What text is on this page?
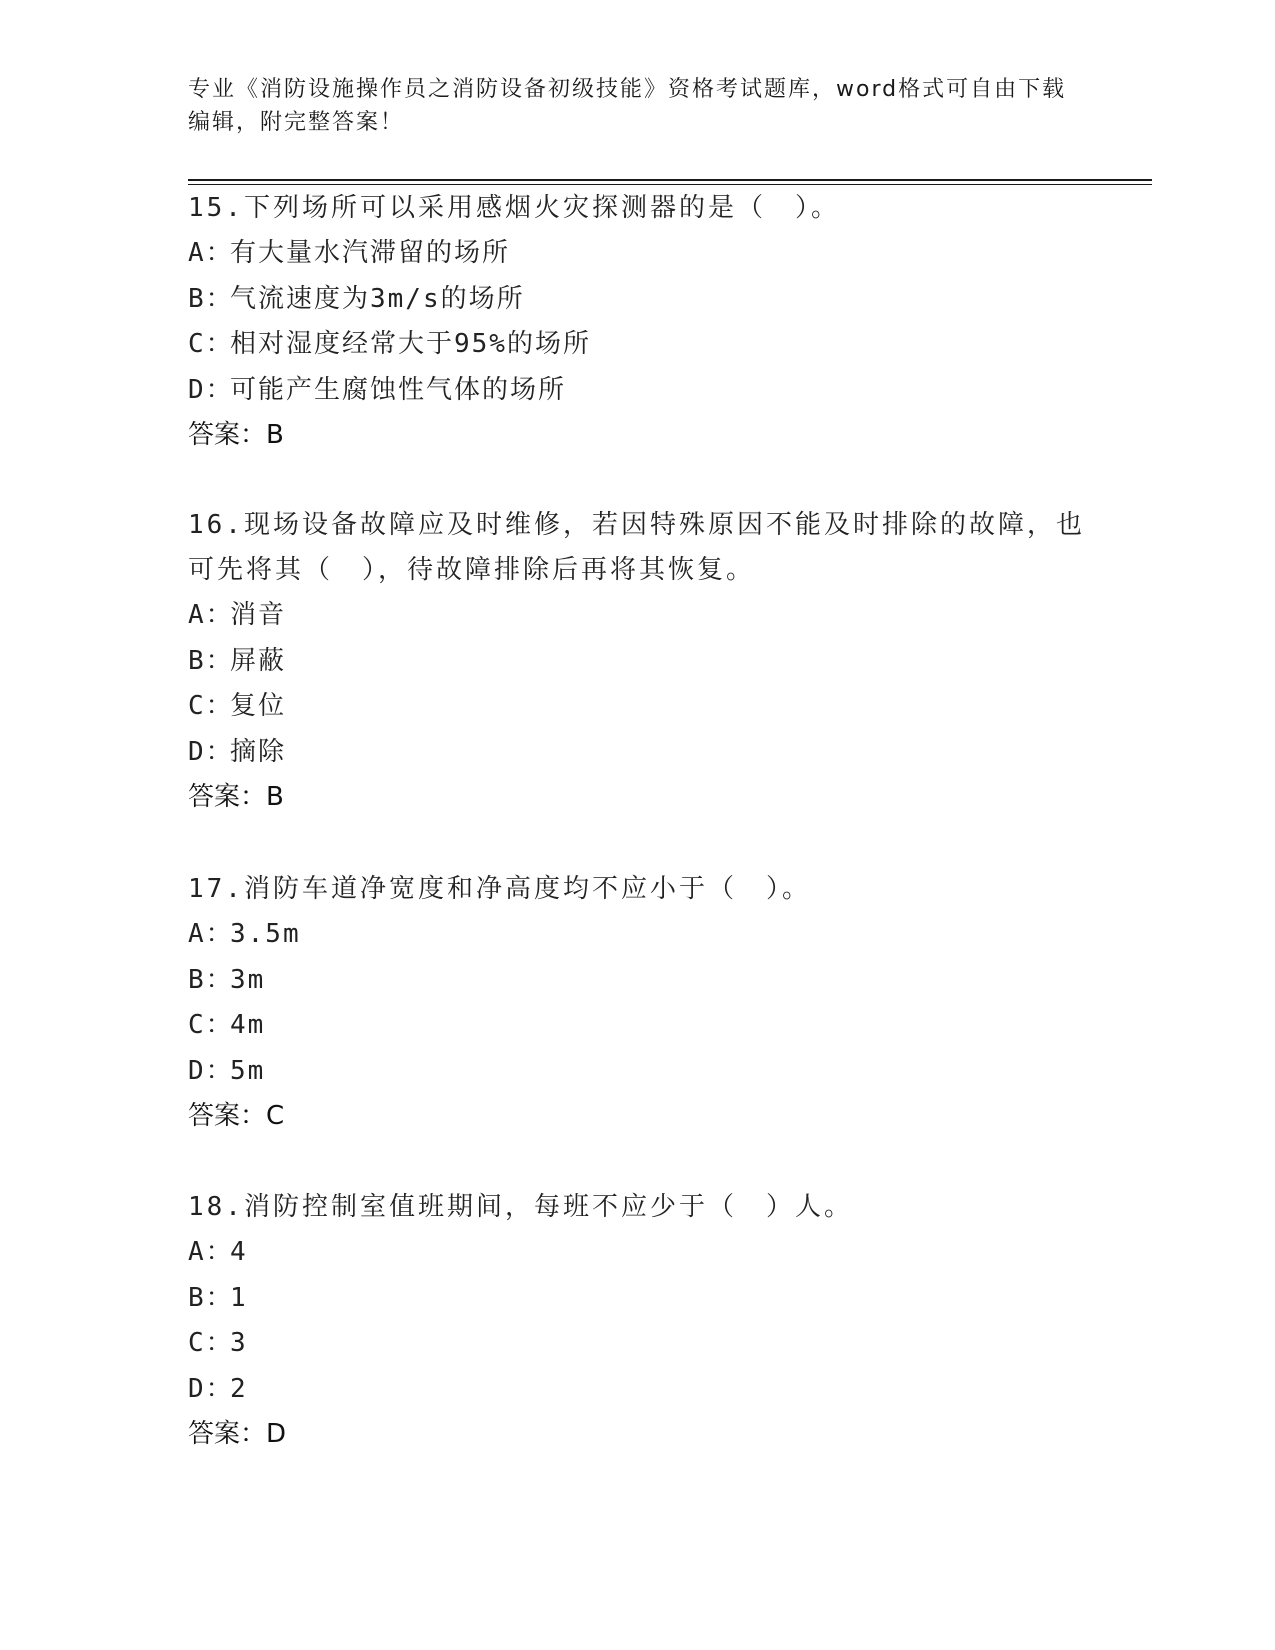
专业《消防设施操作员之消防设备初级技能》资格考试题库，word格式可自由下载编辑，附完整答案！
15.下列场所可以采用感烟火灾探测器的是（　）。
A：有大量水汽滞留的场所
B：气流速度为3m/s的场所
C：相对湿度经常大于95%的场所
D：可能产生腐蚀性气体的场所
答案：B
16.现场设备故障应及时维修，若因特殊原因不能及时排除的故障，也可先将其（　），待故障排除后再将其恢复。
A：消音
B：屏蔽
C：复位
D：摘除
答案：B
17.消防车道净宽度和净高度均不应小于（　）。
A：3.5m
B：3m
C：4m
D：5m
答案：C
18.消防控制室值班期间，每班不应少于（　）人。
A：4
B：1
C：3
D：2
答案：D
